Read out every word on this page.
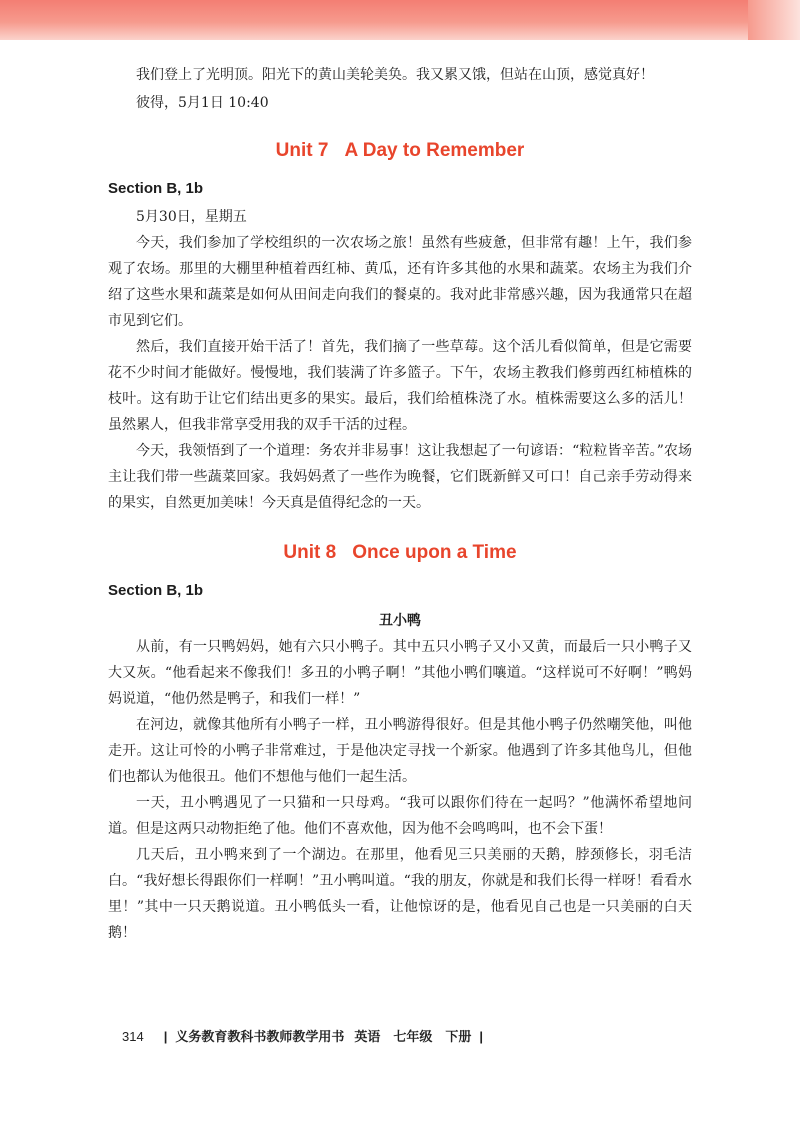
我们登上了光明顶。阳光下的黄山美轮美奂。我又累又饿，但站在山顶，感觉真好！

彼得，5月1日 10:40

Unit 7 A Day to Remember
Section B, 1b

5月30日，星期五

今天，我们参加了学校组织的一次农场之旅！虽然有些疲惫，但非常有趣！上午，我们参观了农场。那里的大棚里种植着西红柿、黄瓜，还有许多其他的水果和蔬菜。农场主为我们介绍了这些水果和蔬菜是如何从田间走向我们的餐桌的。我对此非常感兴趣，因为我通常只在超市见到它们。

然后，我们直接开始干活了！首先，我们摘了一些草莓。这个活儿看似简单，但是它需要花不少时间才能做好。慢慢地，我们装满了许多篮子。下午，农场主教我们修剪西红柿植株的枝叶。这有助于让它们结出更多的果实。最后，我们给植株浇了水。植株需要这么多的活儿！虽然累人，但我非常享受用我的双手干活的过程。

今天，我领悟到了一个道理：务农并非易事！这让我想起了一句谚语：“粒粒皆辛苦。”农场主让我们带一些蔬菜回家。我妈妈煮了一些作为晚餐，它们既新鲜又可口！自己亲手劳动得来的果实，自然更加美味！今天真是值得纪念的一天。

Unit 8 Once upon a Time
Section B, 1b

丑小鸭

从前，有一只鸭妈妈，她有六只小鸭子。其中五只小鸭子又小又黄，而最后一只小鸭子又大又灰。“他看起来不像我们！多丑的小鸭子啊！”其他小鸭们嚷道。“这样说可不好啊！”鸭妈妈说道，“他仍然是鸭子，和我们一样！”

在河边，就像其他所有小鸭子一样，丑小鸭游得很好。但是其他小鸭子仍然嘲笑他，叫他走开。这让可怜的小鸭子非常难过，于是他决定寻找一个新家。他遇到了许多其他鸟儿，但他们也都认为他很丑。他们不想他与他们一起生活。

一天，丑小鸭遇见了一只猫和一只母鸡。“我可以跟你们待在一起吗？”他满怀希望地问道。但是这两只动物拒绝了他。他们不喜欢他，因为他不会鸣鸣叫，也不会下蛋！

几天后，丑小鸭来到了一个湖边。在那里，他看见三只美丽的天鹅，脖颈修长，羽毛洁白。“我好想长得跟你们一样啊！”丑小鸭叫道。“我的朋友，你就是和我们长得一样呀！看看水里！”其中一只天鹅说道。丑小鸭低头一看，让他惊讶的是，他看见自己也是一只美丽的白天鹅！

314 | 义务教育教科书教师教学用书 英语　七年级　下册 |
